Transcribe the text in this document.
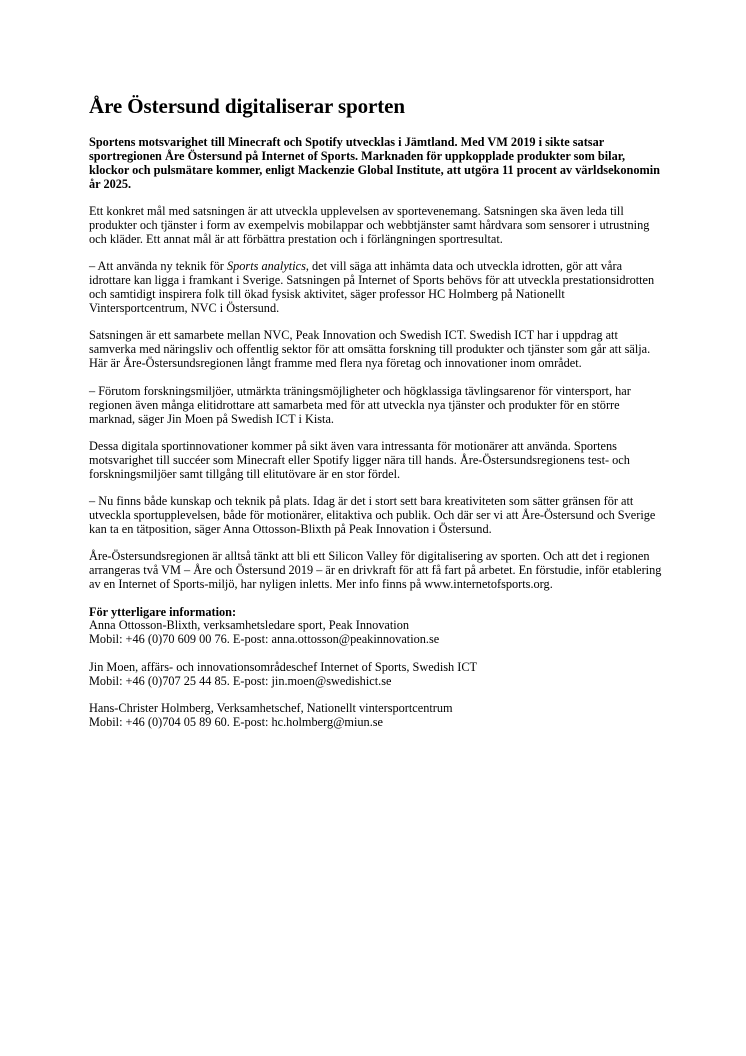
Åre Östersund digitaliserar sporten

Sportens motsvarighet till Minecraft och Spotify utvecklas i Jämtland. Med VM 2019 i sikte satsar sportregionen Åre Östersund på Internet of Sports. Marknaden för uppkopplade produkter som bilar, klockor och pulsmätare kommer, enligt Mackenzie Global Institute, att utgöra 11 procent av världsekonomin år 2025.

Ett konkret mål med satsningen är att utveckla upplevelsen av sportevenemang. Satsningen ska även leda till produkter och tjänster i form av exempelvis mobilappar och webbtjänster samt hårdvara som sensorer i utrustning och kläder. Ett annat mål är att förbättra prestation och i förlängningen sportresultat.

– Att använda ny teknik för Sports analytics, det vill säga att inhämta data och utveckla idrotten, gör att våra idrottare kan ligga i framkant i Sverige. Satsningen på Internet of Sports behövs för att utveckla prestationsidrotten och samtidigt inspirera folk till ökad fysisk aktivitet, säger professor HC Holmberg på Nationellt Vintersportcentrum, NVC i Östersund.

Satsningen är ett samarbete mellan NVC, Peak Innovation och Swedish ICT. Swedish ICT har i uppdrag att samverka med näringsliv och offentlig sektor för att omsätta forskning till produkter och tjänster som går att sälja. Här är Åre-Östersundsregionen långt framme med flera nya företag och innovationer inom området.

– Förutom forskningsmiljöer, utmärkta träningsmöjligheter och högklassiga tävlingsarenor för vintersport, har regionen även många elitidrottare att samarbeta med för att utveckla nya tjänster och produkter för en större marknad, säger Jin Moen på Swedish ICT i Kista.

Dessa digitala sportinnovationer kommer på sikt även vara intressanta för motionärer att använda. Sportens motsvarighet till succéer som Minecraft eller Spotify ligger nära till hands. Åre-Östersundsregionens test- och forskningsmiljöer samt tillgång till elitutövare är en stor fördel.

– Nu finns både kunskap och teknik på plats. Idag är det i stort sett bara kreativiteten som sätter gränsen för att utveckla sportupplevelsen, både för motionärer, elitaktiva och publik. Och där ser vi att Åre-Östersund och Sverige kan ta en tätposition, säger Anna Ottosson-Blixth på Peak Innovation i Östersund.

Åre-Östersundsregionen är alltså tänkt att bli ett Silicon Valley för digitalisering av sporten. Och att det i regionen arrangeras två VM – Åre och Östersund 2019 – är en drivkraft för att få fart på arbetet. En förstudie, inför etablering av en Internet of Sports-miljö, har nyligen inletts. Mer info finns på www.internetofsports.org.

För ytterligare information:

Anna Ottosson-Blixth, verksamhetsledare sport, Peak Innovation

Mobil: +46 (0)70 609 00 76. E-post: anna.ottosson@peakinnovation.se

Jin Moen, affärs- och innovationsområdeschef Internet of Sports, Swedish ICT

Mobil: +46 (0)707 25 44 85. E-post: jin.moen@swedishict.se

Hans-Christer Holmberg, Verksamhetschef, Nationellt vintersportcentrum

Mobil: +46 (0)704 05 89 60. E-post: hc.holmberg@miun.se
